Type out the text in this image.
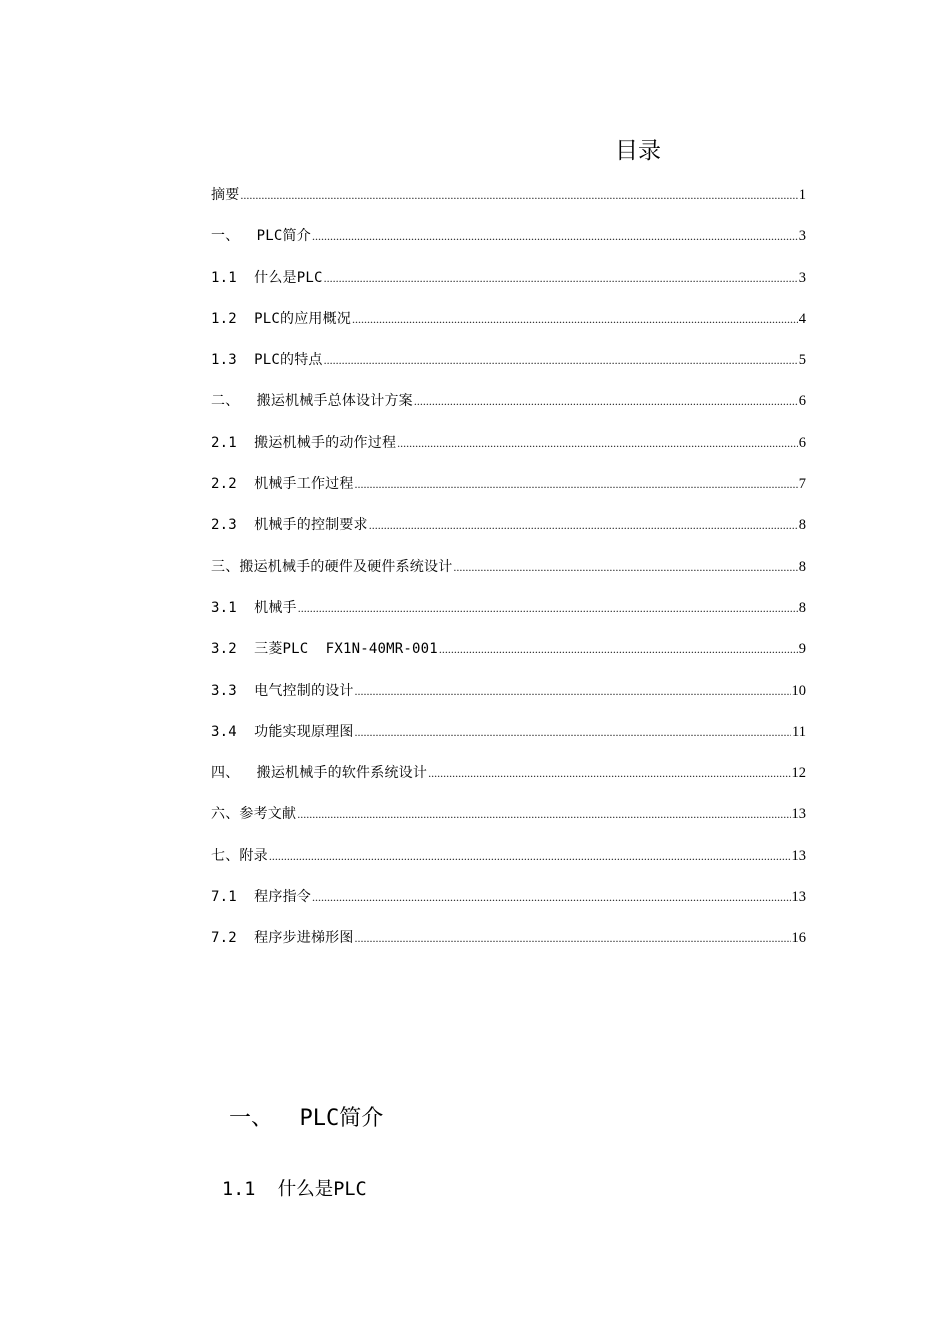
目录
摘要 .....	1
一、  PLC简介 .....	3
1.1  什么是PLC .....	3
1.2  PLC的应用概况 .....	4
1.3  PLC的特点 .....	5
二、  搬运机械手总体设计方案 .....	6
2.1  搬运机械手的动作过程 .....	6
2.2  机械手工作过程 .....	7
2.3  机械手的控制要求 .....	8
三、搬运机械手的硬件及硬件系统设计 .....	8
3.1  机械手 .....	8
3.2  三菱PLC  FX1N-40MR-001 .....	9
3.3  电气控制的设计 .....	10
3.4  功能实现原理图 .....	11
四、  搬运机械手的软件系统设计 .....	12
六、参考文献 .....	13
七、附录 .....	13
7.1  程序指令 .....	13
7.2  程序步进梯形图 .....	16
一、  PLC简介
1.1  什么是PLC
